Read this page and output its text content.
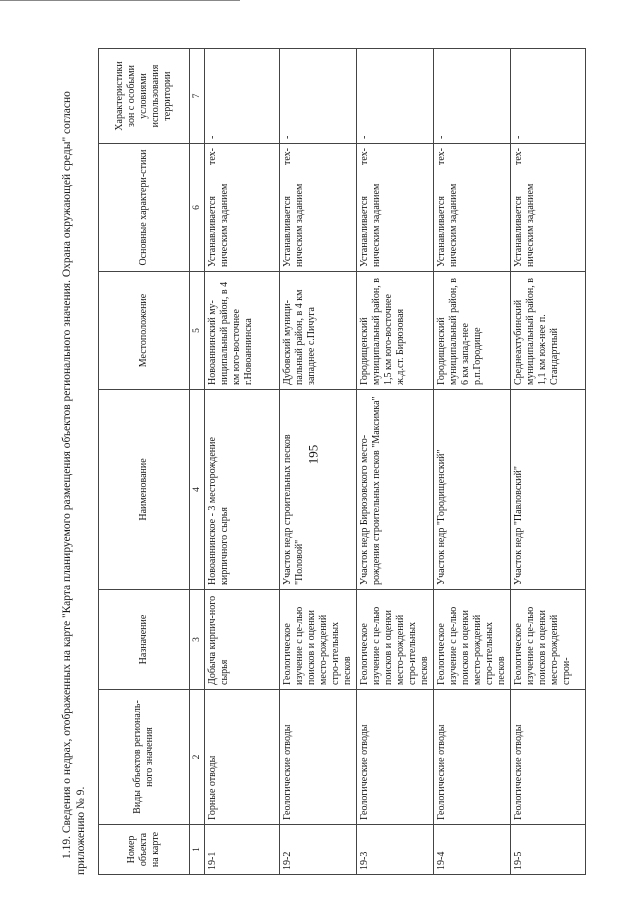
195
1.19. Сведения о недрах, отображенных на карте "Карта планируемого размещения объектов регионального значения. Охрана окружающей среды" согласно приложению № 9.	Номер объекта на карте	Виды объектов региональ-ного значения	Назначение	Наименование	Местоположение	Основные характери-стики	Характеристики зон с особыми условиями использования территории
1	2	3	4	5	6	7
19-1	Горные отводы	Добыча кирпич-ного сырья	Новоаннинское - 3 месторождение кирпичного сырья	Новоаннинский му-ниципальный район, в 4 км юго-восточнее г.Новоаннинска	Устанавливается тех-ническим заданием	-
19-2	Геологические отводы	Геологическое изучение с це-лью поисков и оценки место-рождений стро-ительных песков	Участок недр строительных песков "Половой"	Дубовский муници-пальный район, в 4 км западнее с.Пичуга	Устанавливается тех-ническим заданием	-
19-3	Геологические отводы	Геологическое изучение с це-лью поисков и оценки место-рождений стро-ительных песков	Участок недр Бирюзовского место-рождения строительных песков "Максимка"	Городищенский муниципальный район, в 1,5 км юго-восточнее ж.д.ст. Бирюзовая	Устанавливается тех-ническим заданием	-
19-4	Геологические отводы	Геологическое изучение с це-лью поисков и оценки место-рождений стро-ительных песков	Участок недр "Городищенский"	Городищенский муниципальный район, в 6 км запад-нее р.п.Городище	Устанавливается тех-ническим заданием	-
19-5	Геологические отводы	Геологическое изучение с це-лью поисков и оценки место-рождений строи-	Участок недр "Павловский"	Среднеахтубинский муниципальный район, в 1,1 км юж-нее п. Стандартный	Устанавливается тех-ническим заданием	-
